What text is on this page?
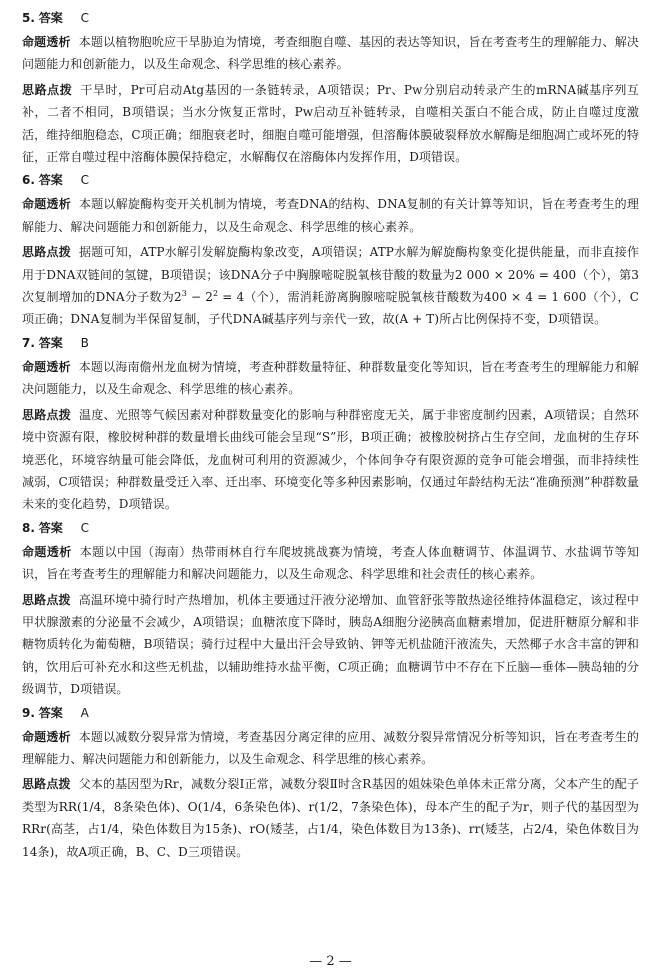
5. 答案 C

命题透析 本题以植物胞吮应干旱胁迫为情境，考查细胞自噬、基因的表达等知识，旨在考查考生的理解能力、解决问题能力和创新能力，以及生命观念、科学思维的核心素养。

思路点拨 干旱时，Pr可启动Atg基因的一条链转录，A项错误；Pr、Pw分别启动转录产生的mRNA碱基序列互补，二者不相同，B项错误；当水分恢复正常时，Pw启动互补链转录，自噬相关蛋白不能合成，防止自噬过度激活，维持细胞稳态，C项正确；细胞衰老时，细胞自噬可能增强，但溶酶体膜破裂释放水解酶是细胞凋亡或坏死的特征，正常自噬过程中溶酶体膜保持稳定，水解酶仅在溶酶体内发挥作用，D项错误。

6. 答案 C

命题透析 本题以解旋酶构变开关机制为情境，考查DNA的结构、DNA复制的有关计算等知识，旨在考查考生的理解能力、解决问题能力和创新能力，以及生命观念、科学思维的核心素养。

思路点拨 据题可知，ATP水解引发解旋酶构象改变，A项错误；ATP水解为解旋酶构象变化提供能量，而非直接作用于DNA双链间的氢键，B项错误；该DNA分子中胸腺嘧啶脱氧核苷酸的数量为2 000 × 20% = 400（个），第3次复制增加的DNA分子数为$2^3 - 2^2 = 4$（个），需消耗游离胸腺嘧啶脱氧核苷酸数为400 × 4 = 1 600（个），C项正确；DNA复制为半保留复制，子代DNA碱基序列与亲代一致，故(A + T)所占比例保持不变，D项错误。

7. 答案 B

命题透析 本题以海南儋州龙血树为情境，考查种群数量特征、种群数量变化等知识，旨在考查考生的理解能力和解决问题能力，以及生命观念、科学思维的核心素养。

思路点拨 温度、光照等气候因素对种群数量变化的影响与种群密度无关，属于非密度制约因素，A项错误；自然环境中资源有限，橡胶树种群的数量增长曲线可能会呈现“S”形，B项正确；被橡胶树挤占生存空间，龙血树的生存环境恶化，环境容纳量可能会降低，龙血树可利用的资源减少，个体间争夺有限资源的竞争可能会增强，而非持续性减弱，C项错误；种群数量受迁入率、迁出率、环境变化等多种因素影响，仅通过年龄结构无法“准确预测”种群数量未来的变化趋势，D项错误。

8. 答案 C

命题透析 本题以中国（海南）热带雨林自行车爬坡挑战赛为情境，考查人体血糖调节、体温调节、水盐调节等知识，旨在考查考生的理解能力和解决问题能力，以及生命观念、科学思维和社会责任的核心素养。

思路点拨 高温环境中骑行时产热增加，机体主要通过汗液分泌增加、血管舒张等散热途径维持体温稳定，该过程中甲状腺激素的分泌量不会减少，A项错误；血糖浓度下降时，胰岛A细胞分泌胰高血糖素增加，促进肝糖原分解和非糖物质转化为葡萄糖，B项错误；骑行过程中大量出汗会导致钠、钾等无机盐随汗液流失，天然椰子水含丰富的钾和钠，饮用后可补充水和这些无机盐，以辅助维持水盐平衡，C项正确；血糖调节中不存在下丘脑—垂体—胰岛轴的分级调节，D项错误。

9. 答案 A

命题透析 本题以减数分裂异常为情境，考查基因分离定律的应用、减数分裂异常情况分析等知识，旨在考查考生的理解能力、解决问题能力和创新能力，以及生命观念、科学思维的核心素养。

思路点拨 父本的基因型为Rr，减数分裂Ⅰ正常，减数分裂Ⅱ时含R基因的姐妹染色单体未正常分离，父本产生的配子类型为RR(1/4，8条染色体)、O(1/4，6条染色体)、r(1/2，7条染色体)，母本产生的配子为r，则子代的基因型为RRr(高茎，占1/4，染色体数目为15条)、rO(矮茎，占1/4，染色体数目为13条)、rr(矮茎，占2/4，染色体数目为14条)，故A项正确，B、C、D三项错误。

— 2 —
